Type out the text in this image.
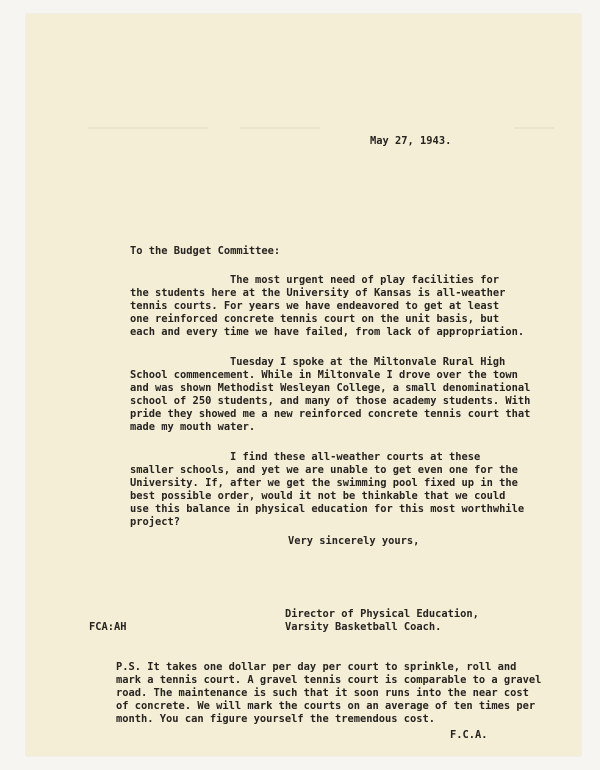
May 27, 1943.
To the Budget Committee:
The most urgent need of play facilities for
the students here at the University of Kansas is all-weather
tennis courts. For years we have endeavored to get at least
one reinforced concrete tennis court on the unit basis, but
each and every time we have failed, from lack of appropriation.
Tuesday I spoke at the Miltonvale Rural High
School commencement. While in Miltonvale I drove over the town
and was shown Methodist Wesleyan College, a small denominational
school of 250 students, and many of those academy students. With
pride they showed me a new reinforced concrete tennis court that
made my mouth water.
I find these all-weather courts at these
smaller schools, and yet we are unable to get even one for the
University. If, after we get the swimming pool fixed up in the
best possible order, would it not be thinkable that we could
use this balance in physical education for this most worthwhile
project?
Very sincerely yours,
Director of Physical Education,
Varsity Basketball Coach.
FCA:AH
P.S. It takes one dollar per day per court to sprinkle, roll and
mark a tennis court. A gravel tennis court is comparable to a gravel
road. The maintenance is such that it soon runs into the near cost
of concrete. We will mark the courts on an average of ten times per
month. You can figure yourself the tremendous cost.
F.C.A.
